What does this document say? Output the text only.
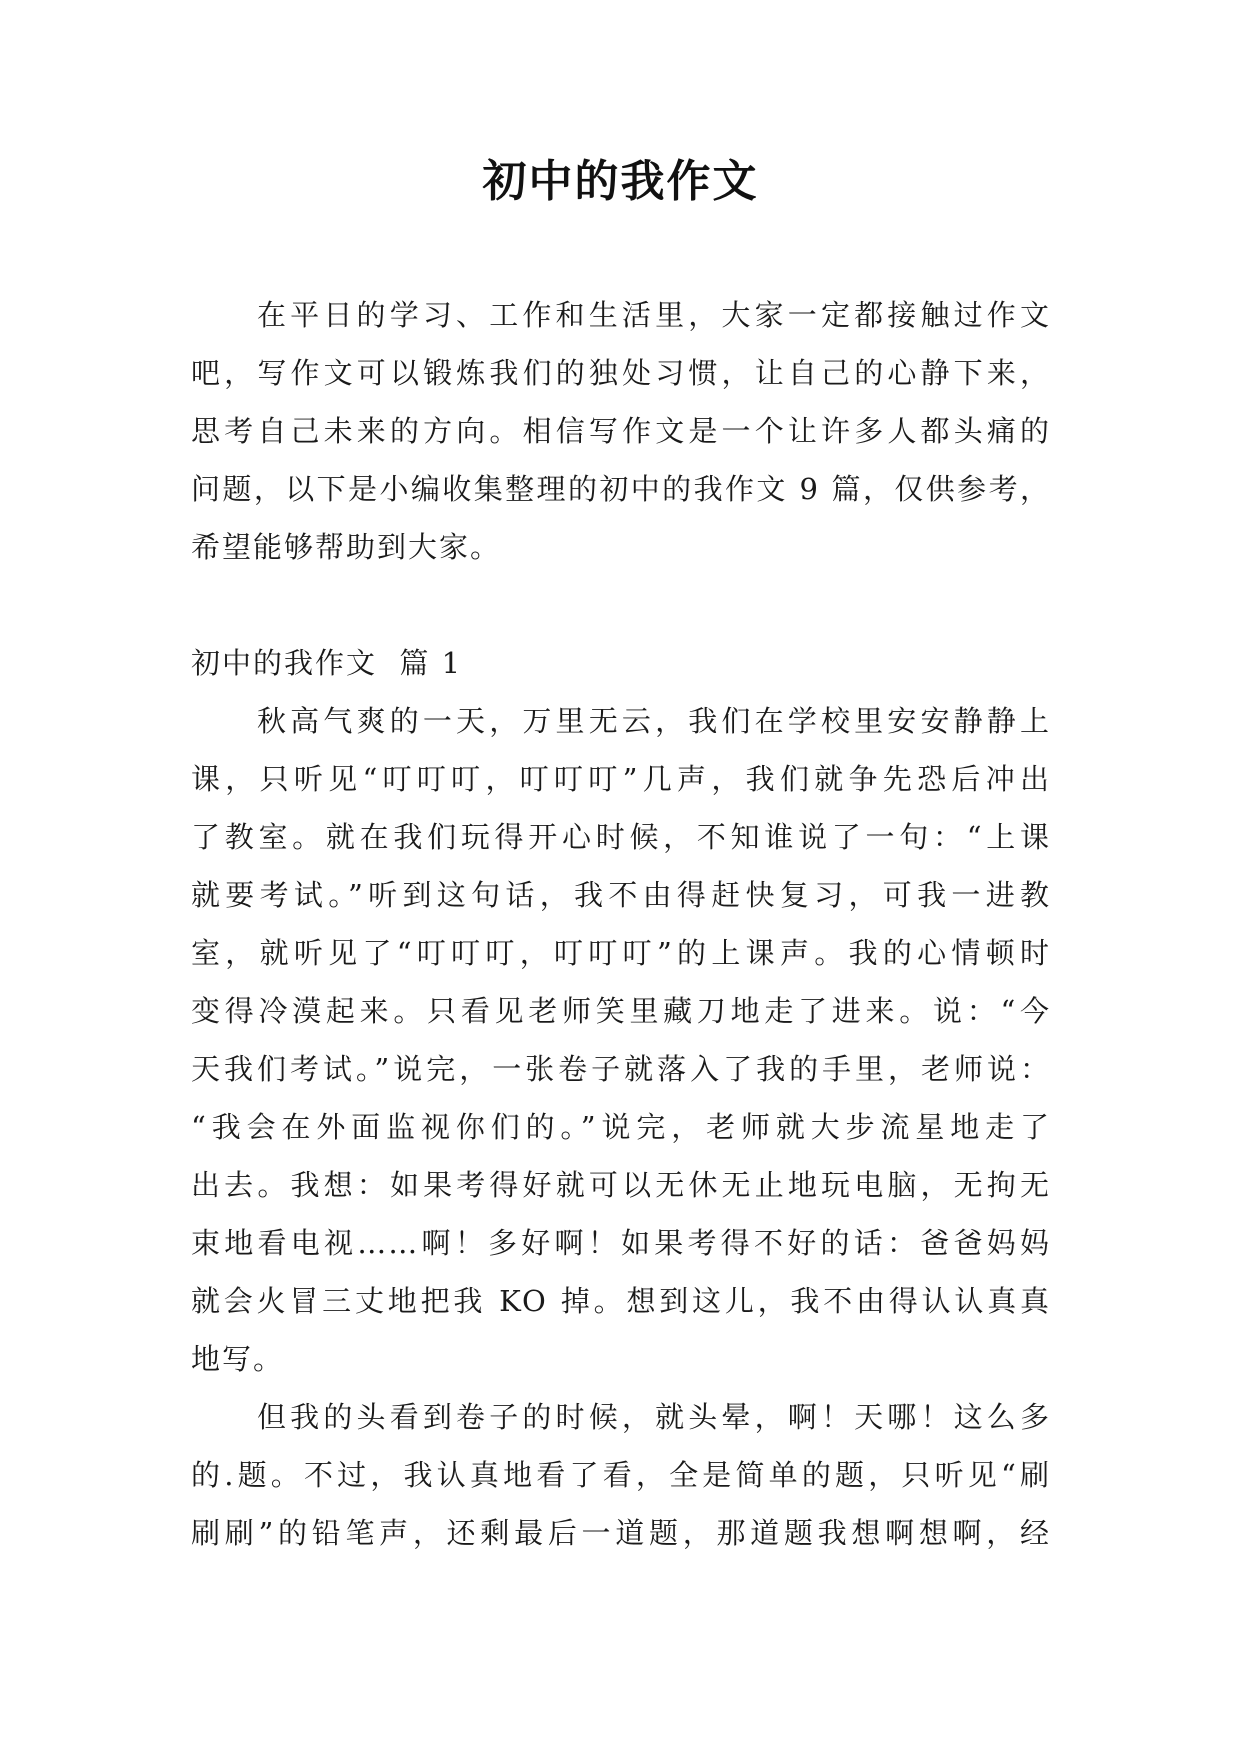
初中的我作文
在平日的学习、工作和生活里，大家一定都接触过作文
吧，写作文可以锻炼我们的独处习惯，让自己的心静下来，
思考自己未来的方向。相信写作文是一个让许多人都头痛的
问题，以下是小编收集整理的初中的我作文 9 篇，仅供参考，
希望能够帮助到大家。
初中的我作文  篇 1
秋高气爽的一天，万里无云，我们在学校里安安静静上
课，只听见“叮叮叮，叮叮叮”几声，我们就争先恐后冲出
了教室。就在我们玩得开心时候，不知谁说了一句：“上课
就要考试。”听到这句话，我不由得赶快复习，可我一进教
室，就听见了“叮叮叮，叮叮叮”的上课声。我的心情顿时
变得冷漠起来。只看见老师笑里藏刀地走了进来。说：“今
天我们考试。”说完，一张卷子就落入了我的手里，老师说：
“我会在外面监视你们的。”说完，老师就大步流星地走了
出去。我想：如果考得好就可以无休无止地玩电脑，无拘无
束地看电视……啊！多好啊！如果考得不好的话：爸爸妈妈
就会火冒三丈地把我 KO 掉。想到这儿，我不由得认认真真
地写。
但我的头看到卷子的时候，就头晕，啊！天哪！这么多
的.题。不过，我认真地看了看，全是简单的题，只听见“刷
刷刷”的铅笔声，还剩最后一道题，那道题我想啊想啊，经
